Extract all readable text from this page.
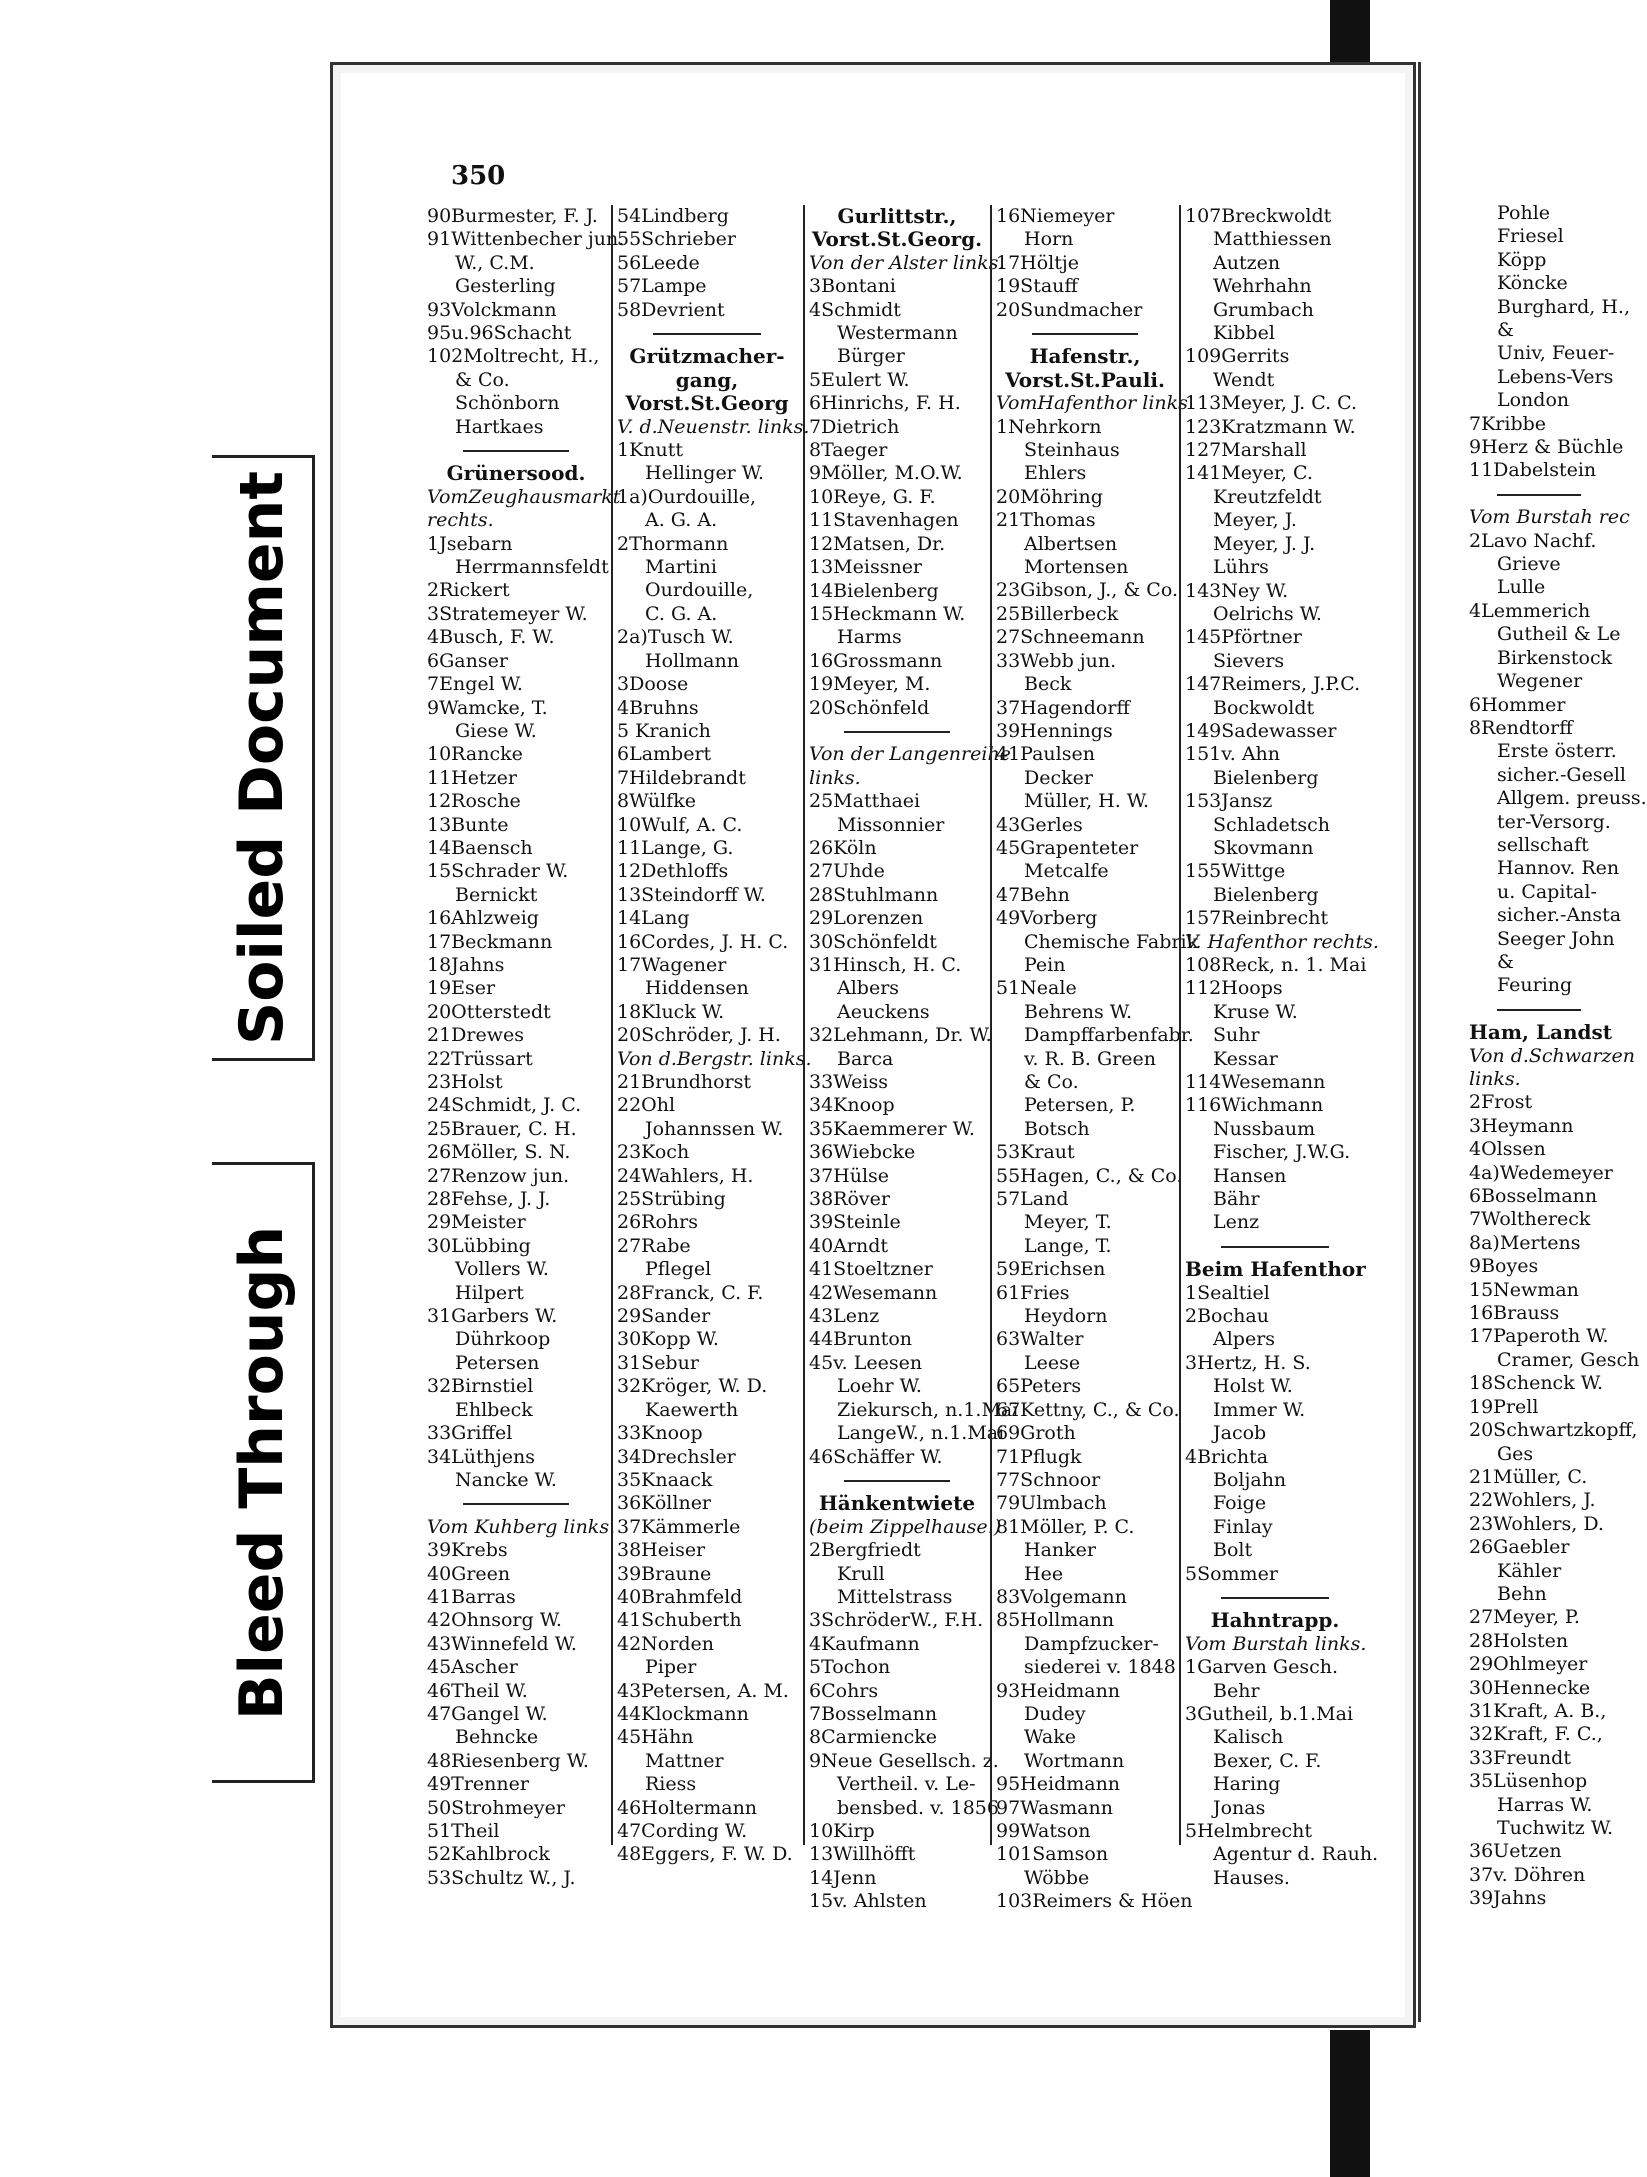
Soiled Document
Bleed Through
350
90Burmester, F. J.
91Wittenbecher jun.
W., C.M.
Gesterling
93Volckmann
95u.96Schacht
102Moltrecht, H.,
& Co.
Schönborn
Hartkaes
Grünersood.
VomZeughausmarkt
rechts.
1Jsebarn
Herrmannsfeldt
2Rickert
3Stratemeyer W.
4Busch, F. W.
6Ganser
7Engel W.
9Wamcke, T.
Giese W.
10Rancke
11Hetzer
12Rosche
13Bunte
14Baensch
15Schrader W.
Bernickt
16Ahlzweig
17Beckmann
18Jahns
19Eser
20Otterstedt
21Drewes
22Trüssart
23Holst
24Schmidt, J. C.
25Brauer, C. H.
26Möller, S. N.
27Renzow jun.
28Fehse, J. J.
29Meister
30Lübbing
Vollers W.
Hilpert
31Garbers W.
Dührkoop
Petersen
32Birnstiel
Ehlbeck
33Griffel
34Lüthjens
Nancke W.
Vom Kuhberg links.
39Krebs
40Green
41Barras
42Ohnsorg W.
43Winnefeld W.
45Ascher
46Theil W.
47Gangel W.
Behncke
48Riesenberg W.
49Trenner
50Strohmeyer
51Theil
52Kahlbrock
53Schultz W., J.
54Lindberg
55Schrieber
56Leede
57Lampe
58Devrient
Grützmacher-
gang,
Vorst.St.Georg
V. d.Neuenstr. links.
1Knutt
Hellinger W.
1a)Ourdouille,
A. G. A.
2Thormann
Martini
Ourdouille,
C. G. A.
2a)Tusch W.
Hollmann
3Doose
4Bruhns
5 Kranich
6Lambert
7Hildebrandt
8Wülfke
10Wulf, A. C.
11Lange, G.
12Dethloffs
13Steindorff W.
14Lang
16Cordes, J. H. C.
17Wagener
Hiddensen
18Kluck W.
20Schröder, J. H.
Von d.Bergstr. links.
21Brundhorst
22Ohl
Johannssen W.
23Koch
24Wahlers, H.
25Strübing
26Rohrs
27Rabe
Pflegel
28Franck, C. F.
29Sander
30Kopp W.
31Sebur
32Kröger, W. D.
Kaewerth
33Knoop
34Drechsler
35Knaack
36Köllner
37Kämmerle
38Heiser
39Braune
40Brahmfeld
41Schuberth
42Norden
Piper
43Petersen, A. M.
44Klockmann
45Hähn
Mattner
Riess
46Holtermann
47Cording W.
48Eggers, F. W. D.
Gurlittstr.,
Vorst.St.Georg.
Von der Alster links.
3Bontani
4Schmidt
Westermann
Bürger
5Eulert W.
6Hinrichs, F. H.
7Dietrich
8Taeger
9Möller, M.O.W.
10Reye, G. F.
11Stavenhagen
12Matsen, Dr.
13Meissner
14Bielenberg
15Heckmann W.
Harms
16Grossmann
19Meyer, M.
20Schönfeld
Von der Langenreihe
links.
25Matthaei
Missonnier
26Köln
27Uhde
28Stuhlmann
29Lorenzen
30Schönfeldt
31Hinsch, H. C.
Albers
Aeuckens
32Lehmann, Dr. W.
Barca
33Weiss
34Knoop
35Kaemmerer W.
36Wiebcke
37Hülse
38Röver
39Steinle
40Arndt
41Stoeltzner
42Wesemann
43Lenz
44Brunton
45v. Leesen
Loehr W.
Ziekursch, n.1.Mai
LangeW., n.1.Mai
46Schäffer W.
Hänkentwiete
(beim Zippelhause.)
2Bergfriedt
Krull
Mittelstrass
3SchröderW., F.H.
4Kaufmann
5Tochon
6Cohrs
7Bosselmann
8Carmiencke
9Neue Gesellsch. z.
Vertheil. v. Le-
bensbed. v. 1856
10Kirp
13Willhöfft
14Jenn
15v. Ahlsten
16Niemeyer
Horn
17Höltje
19Stauff
20Sundmacher
Hafenstr.,
Vorst.St.Pauli.
VomHafenthor links
1Nehrkorn
Steinhaus
Ehlers
20Möhring
21Thomas
Albertsen
Mortensen
23Gibson, J., & Co.
25Billerbeck
27Schneemann
33Webb jun.
Beck
37Hagendorff
39Hennings
41Paulsen
Decker
Müller, H. W.
43Gerles
45Grapenteter
Metcalfe
47Behn
49Vorberg
Chemische Fabrik
Pein
51Neale
Behrens W.
Dampffarbenfabr.
v. R. B. Green
& Co.
Petersen, P.
Botsch
53Kraut
55Hagen, C., & Co.
57Land
Meyer, T.
Lange, T.
59Erichsen
61Fries
Heydorn
63Walter
Leese
65Peters
67Kettny, C., & Co.
69Groth
71Pflugk
77Schnoor
79Ulmbach
81Möller, P. C.
Hanker
Hee
83Volgemann
85Hollmann
Dampfzucker-
siederei v. 1848
93Heidmann
Dudey
Wake
Wortmann
95Heidmann
97Wasmann
99Watson
101Samson
Wöbbe
103Reimers & Höen
107Breckwoldt
Matthiessen
Autzen
Wehrhahn
Grumbach
Kibbel
109Gerrits
Wendt
113Meyer, J. C. C.
123Kratzmann W.
127Marshall
141Meyer, C.
Kreutzfeldt
Meyer, J.
Meyer, J. J.
Lührs
143Ney W.
Oelrichs W.
145Pförtner
Sievers
147Reimers, J.P.C.
Bockwoldt
149Sadewasser
151v. Ahn
Bielenberg
153Jansz
Schladetsch
Skovmann
155Wittge
Bielenberg
157Reinbrecht
V. Hafenthor rechts.
108Reck, n. 1. Mai
112Hoops
Kruse W.
Suhr
Kessar
114Wesemann
116Wichmann
Nussbaum
Fischer, J.W.G.
Hansen
Bähr
Lenz
Beim Hafenthor
1Sealtiel
2Bochau
Alpers
3Hertz, H. S.
Holst W.
Immer W.
Jacob
4Brichta
Boljahn
Foige
Finlay
Bolt
5Sommer
Hahntrapp.
Vom Burstah links.
1Garven Gesch.
Behr
3Gutheil, b.1.Mai
Kalisch
Bexer, C. F.
Haring
Jonas
5Helmbrecht
Agentur d. Rauh.
Hauses.
Pohle
Friesel
Köpp
Köncke
Burghard, H.,
&
Univ, Feuer-
Lebens-Vers
London
7Kribbe
9Herz & Büchle
11Dabelstein
Vom Burstah rec
2Lavo Nachf.
Grieve
Lulle
4Lemmerich
Gutheil & Le
Birkenstock
Wegener
6Hommer
8Rendtorff
Erste österr.
sicher.-Gesell
Allgem. preuss.
ter-Versorg.
sellschaft
Hannov. Ren
u. Capital-
sicher.-Ansta
Seeger John
&
Feuring
Ham, Landst
Von d.Schwarzen
links.
2Frost
3Heymann
4Olssen
4a)Wedemeyer
6Bosselmann
7Wolthereck
8a)Mertens
9Boyes
15Newman
16Brauss
17Paperoth W.
Cramer, Gesch
18Schenck W.
19Prell
20Schwartzkopff,
Ges
21Müller, C.
22Wohlers, J.
23Wohlers, D.
26Gaebler
Kähler
Behn
27Meyer, P.
28Holsten
29Ohlmeyer
30Hennecke
31Kraft, A. B.,
32Kraft, F. C.,
33Freundt
35Lüsenhop
Harras W.
Tuchwitz W.
36Uetzen
37v. Döhren
39Jahns
